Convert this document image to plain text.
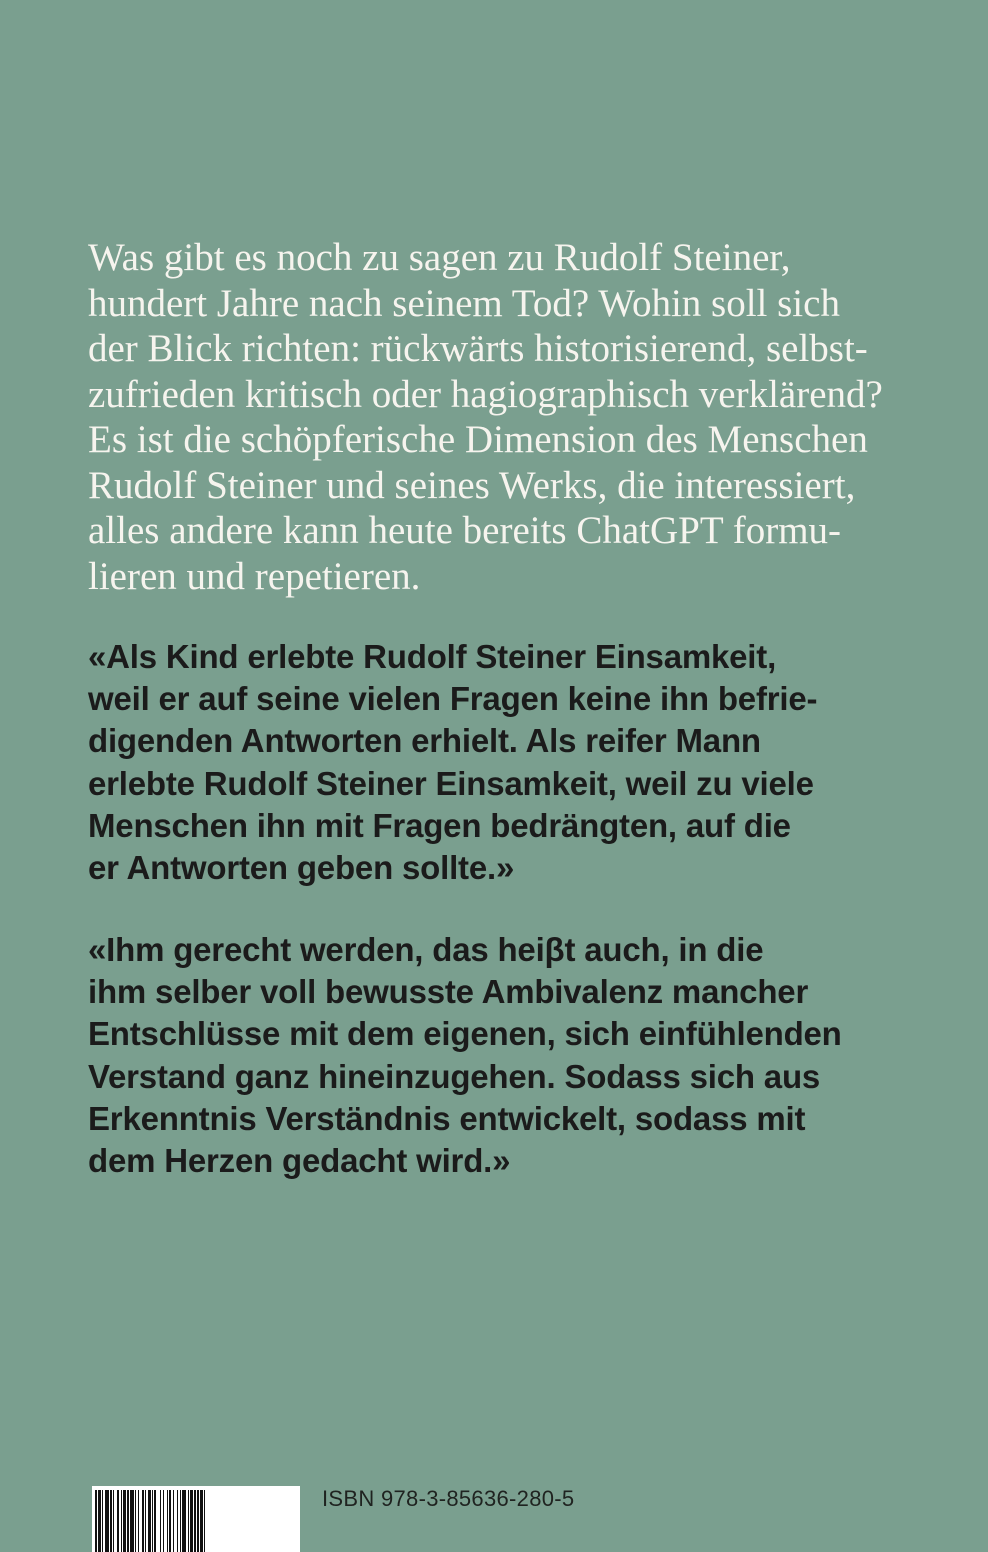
Was gibt es noch zu sagen zu Rudolf Steiner,
hundert Jahre nach seinem Tod? Wohin soll sich
der Blick richten: rückwärts historisierend, selbst-
zufrieden kritisch oder hagiographisch verklärend?
Es ist die schöpferische Dimension des Menschen
Rudolf Steiner und seines Werks, die interessiert,
alles andere kann heute bereits ChatGPT formu-
lieren und repetieren.

«Als Kind erlebte Rudolf Steiner Einsamkeit,
weil er auf seine vielen Fragen keine ihn befrie-
digenden Antworten erhielt. Als reifer Mann
erlebte Rudolf Steiner Einsamkeit, weil zu viele
Menschen ihn mit Fragen bedrängten, auf die
er Antworten geben sollte.»

«Ihm gerecht werden, das heiβt auch, in die
ihm selber voll bewusste Ambivalenz mancher
Entschlüsse mit dem eigenen, sich einfühlenden
Verstand ganz hineinzugehen. Sodass sich aus
Erkenntnis Verständnis entwickelt, sodass mit
dem Herzen gedacht wird.»

ISBN 978-3-85636-280-5
